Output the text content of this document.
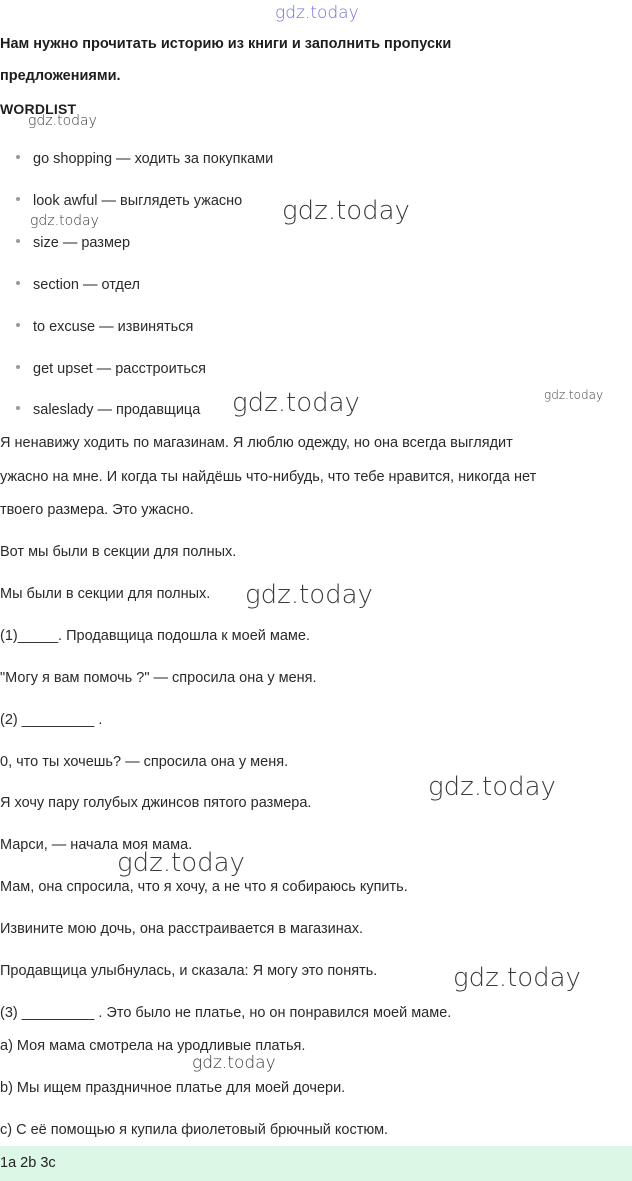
gdz.today
Нам нужно прочитать историю из книги и заполнить пропуски
предложениями.
WORDLIST
go shopping — ходить за покупками
look awful — выглядеть ужасно
size — размер
section — отдел
to excuse — извиняться
get upset — расстроиться
saleslady — продавщица
Я ненавижу ходить по магазинам. Я люблю одежду, но она всегда выглядит
ужасно на мне. И когда ты найдёшь что-нибудь, что тебе нравится, никогда нет
твоего размера. Это ужасно.
Вот мы были в секции для полных.
Мы были в секции для полных.
(1)_____. Продавщица подошла к моей маме.
"Могу я вам помочь ?" — спросила она у меня.
(2) _________ .
0, что ты хочешь? — спросила она у меня.
Я хочу пару голубых джинсов пятого размера.
Марси, — начала моя мама.
Мам, она спросила, что я хочу, а не что я собираюсь купить.
Извините мою дочь, она расстраивается в магазинах.
Продавщица улыбнулась, и сказала: Я могу это понять.
(3) _________ . Это было не платье, но он понравился моей маме.
a) Моя мама смотрела на уродливые платья.
b) Мы ищем праздничное платье для моей дочери.
c) С её помощью я купила фиолетовый брючный костюм.
1a 2b 3c
gdz.today
gdz.today	gdz.today
gdz.today
gdz.today
gdz.today
gdz.today
gdz.today
gdz.today
gdz.today
